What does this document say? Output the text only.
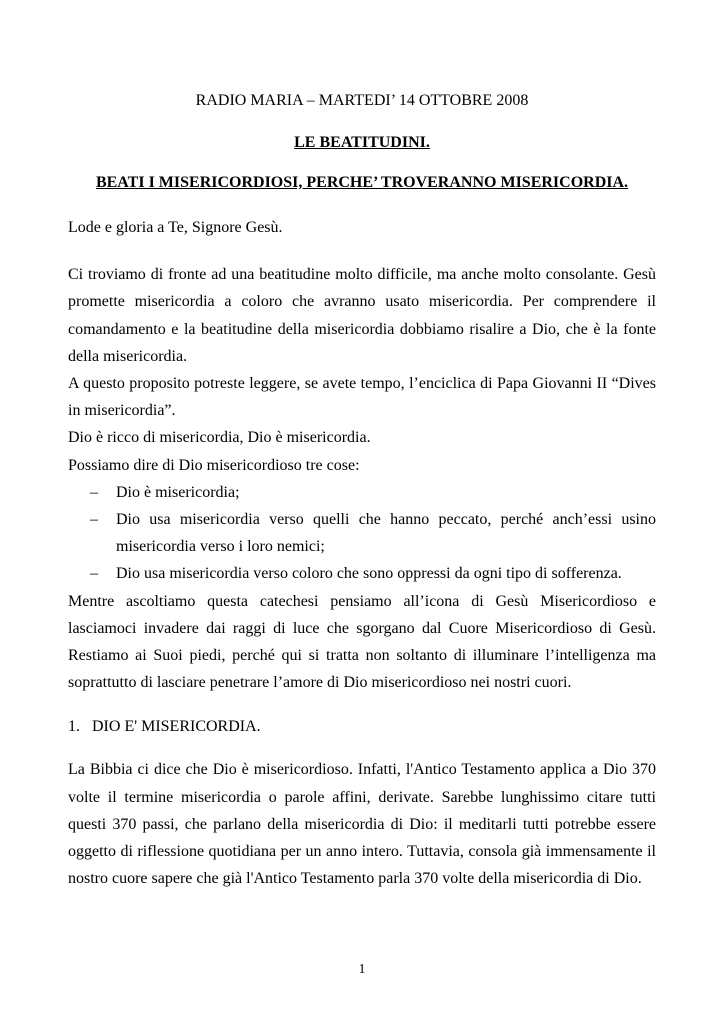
RADIO MARIA – MARTEDI’ 14 OTTOBRE 2008

LE BEATITUDINI.

BEATI I MISERICORDIOSI, PERCHE’ TROVERANNO MISERICORDIA.

Lode e gloria a Te, Signore Gesù.

Ci troviamo di fronte ad una beatitudine molto difficile, ma anche molto consolante. Gesù promette misericordia a coloro che avranno usato misericordia. Per comprendere il comandamento e la beatitudine della misericordia dobbiamo risalire a Dio, che è la fonte della misericordia.

A questo proposito potreste leggere, se avete tempo, l’enciclica di Papa Giovanni II “Dives in misericordia”.

Dio è ricco di misericordia, Dio è misericordia.

Possiamo dire di Dio misericordioso tre cose:

– Dio è misericordia;
– Dio usa misericordia verso quelli che hanno peccato, perché anch’essi usino misericordia verso i loro nemici;
– Dio usa misericordia verso coloro che sono oppressi da ogni tipo di sofferenza.

Mentre ascoltiamo questa catechesi pensiamo all’icona di Gesù Misericordioso e lasciamoci invadere dai raggi di luce che sgorgano dal Cuore Misericordioso di Gesù. Restiamo ai Suoi piedi, perché qui si tratta non soltanto di illuminare l’intelligenza ma soprattutto di lasciare penetrare l’amore di Dio misericordioso nei nostri cuori.

1. DIO E' MISERICORDIA.

La Bibbia ci dice che Dio è misericordioso. Infatti, l'Antico Testamento applica a Dio 370 volte il termine misericordia o parole affini, derivate. Sarebbe lunghissimo citare tutti questi 370 passi, che parlano della misericordia di Dio: il meditarli tutti potrebbe essere oggetto di riflessione quotidiana per un anno intero. Tuttavia, consola già immensamente il nostro cuore sapere che già l'Antico Testamento parla 370 volte della misericordia di Dio.

1
